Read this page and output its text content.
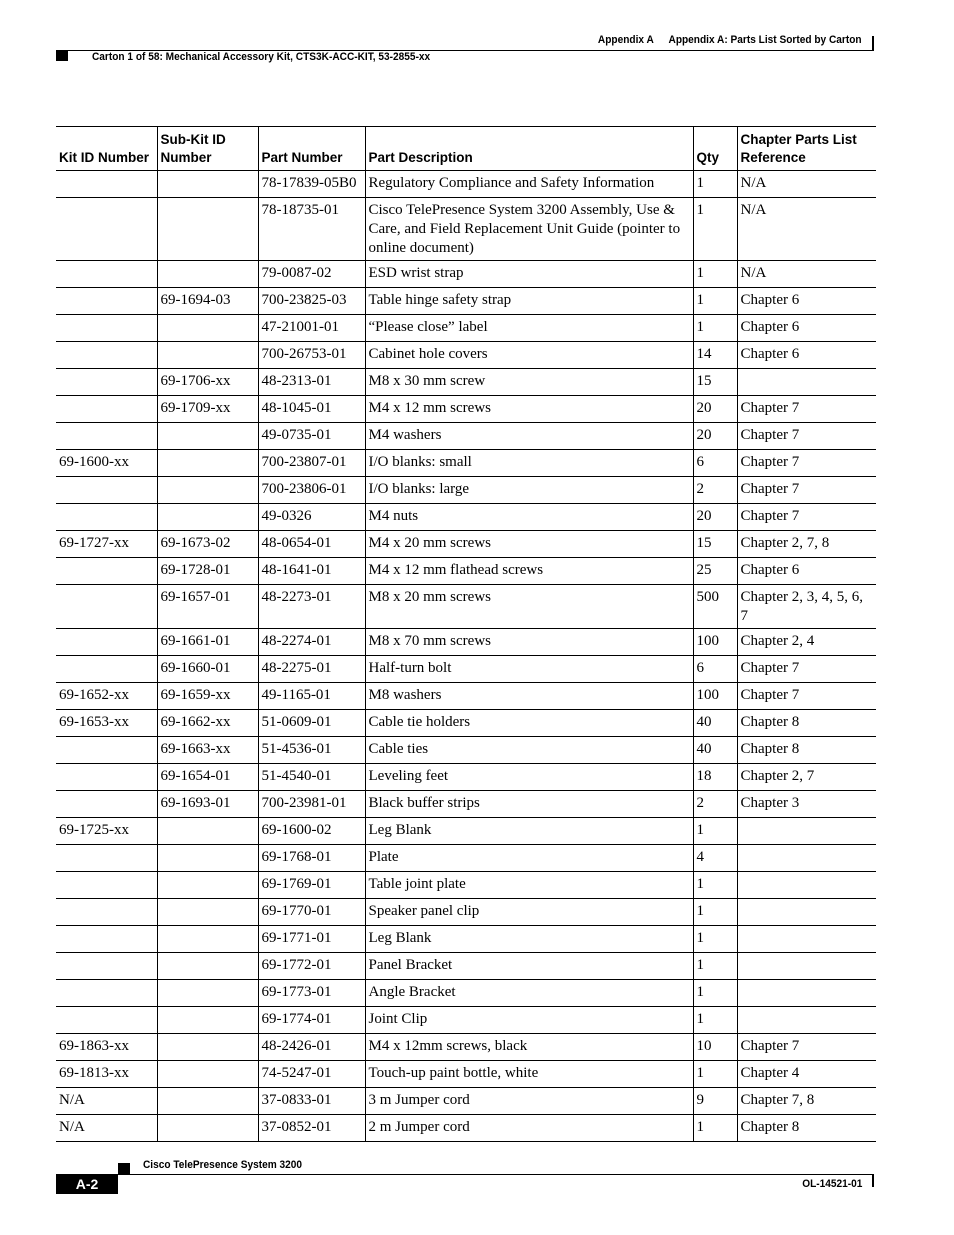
Appendix A Appendix A: Parts List Sorted by Carton
Carton 1 of 58: Mechanical Accessory Kit, CTS3K-ACC-KIT, 53-2855-xx
Kit ID Number	Sub-Kit ID Number	Part Number	Part Description	Qty	Chapter Parts List Reference
		78-17839-05B0	Regulatory Compliance and Safety Information	1	N/A
		78-18735-01	Cisco TelePresence System 3200 Assembly, Use & Care, and Field Replacement Unit Guide (pointer to online document)	1	N/A
		79-0087-02	ESD wrist strap	1	N/A
	69-1694-03	700-23825-03	Table hinge safety strap	1	Chapter 6
		47-21001-01	“Please close” label	1	Chapter 6
		700-26753-01	Cabinet hole covers	14	Chapter 6
	69-1706-xx	48-2313-01	M8 x 30 mm screw	15	
	69-1709-xx	48-1045-01	M4 x 12 mm screws	20	Chapter 7
		49-0735-01	M4 washers	20	Chapter 7
69-1600-xx		700-23807-01	I/O blanks: small	6	Chapter 7
		700-23806-01	I/O blanks: large	2	Chapter 7
		49-0326	M4 nuts	20	Chapter 7
69-1727-xx	69-1673-02	48-0654-01	M4 x 20 mm screws	15	Chapter 2, 7, 8
	69-1728-01	48-1641-01	M4 x 12 mm flathead screws	25	Chapter 6
	69-1657-01	48-2273-01	M8 x 20 mm screws	500	Chapter 2, 3, 4, 5, 6, 7
	69-1661-01	48-2274-01	M8 x 70 mm screws	100	Chapter 2, 4
	69-1660-01	48-2275-01	Half-turn bolt	6	Chapter 7
69-1652-xx	69-1659-xx	49-1165-01	M8 washers	100	Chapter 7
69-1653-xx	69-1662-xx	51-0609-01	Cable tie holders	40	Chapter 8
	69-1663-xx	51-4536-01	Cable ties	40	Chapter 8
	69-1654-01	51-4540-01	Leveling feet	18	Chapter 2, 7
	69-1693-01	700-23981-01	Black buffer strips	2	Chapter 3
69-1725-xx		69-1600-02	Leg Blank	1	
		69-1768-01	Plate	4	
		69-1769-01	Table joint plate	1	
		69-1770-01	Speaker panel clip	1	
		69-1771-01	Leg Blank	1	
		69-1772-01	Panel Bracket	1	
		69-1773-01	Angle Bracket	1	
		69-1774-01	Joint Clip	1	
69-1863-xx		48-2426-01	M4 x 12mm screws, black	10	Chapter 7
69-1813-xx		74-5247-01	Touch-up paint bottle, white	1	Chapter 4
N/A		37-0833-01	3 m Jumper cord	9	Chapter 7, 8
N/A		37-0852-01	2 m Jumper cord	1	Chapter 8
Cisco TelePresence System 3200
A-2	OL-14521-01
